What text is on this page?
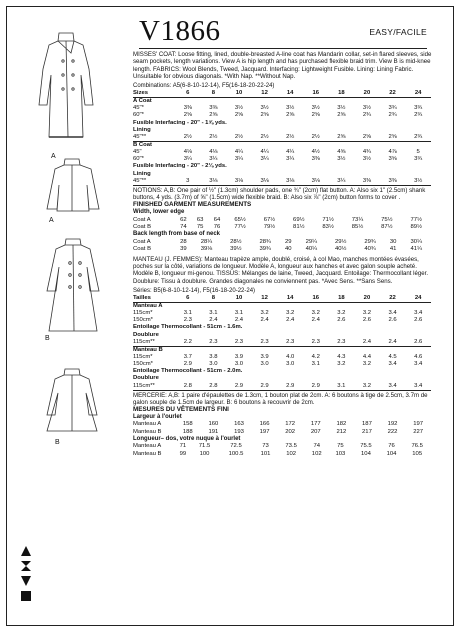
A
A
B
B
V1866	EASY/FACILE
MISSES' COAT: Loose fitting, lined, double-breasted A-line coat has Mandarin collar, set-in flared sleeves, side seam pockets, length variations. View A is hip length and has purchased flexible braid trim. View B is mid-knee length. FABRICS: Wool Blends, Tweed, Jacquard. Interfacing: Lightweight Fusible. Lining: Lining Fabric. Unsuitable for obvious diagonals. *With Nap. **Without Nap.
Combinations: A5(6-8-10-12-14), F5(16-18-20-22-24)
Sizes	6	8	10	12	14	16	18	20	22	24
A Coat										
45"*	3⅜	3⅜	3½	3½	3½	3½	3½	3½	3¾	3¾
60"*	2⅝	2⅝	2⅝	2⅝	2⅝	2⅝	2⅝	2¾	2¾	2¾
Fusible Interfacing - 20" - 1⅝ yds.										
Lining										
45"**	2½	2½	2½	2½	2½	2½	2⅝	2⅝	2⅝	2¾
B Coat										
45"	4⅛	4⅛	4¼	4¼	4¼	4½	4⅝	4¾	4⅞	5
60"*	3¼	3¼	3¼	3¼	3¼	3⅜	3½	3½	3⅝	3¾
Fusible Interfacing - 20" - 2⅛ yds.										
Lining										
45"**	3	3⅛	3⅛	3⅛	3⅛	3⅛	3¼	3⅜	3⅜	3½
NOTIONS: A,B: One pair of ½" (1.3cm) shoulder pads, one ¾" (2cm) flat button. A: Also six 1" (2.5cm) shank buttons, 4 yds. (3.7m) of ⅝" (1.5cm) wide flexible braid. B: Also six ⅞" (2cm) button forms to cover .
FINISHED GARMENT MEASUREMENTS
Width, lower edge
Coat A	62	63	64	65½	67½	69½	71½	73¼	75½	77½
Coat B	74	75	76	77½	79½	81½	83½	85½	87½	89½
Back length from base of neck
Coat A	28	28¼	28½	28¾	29	29¼	29½	29¾	30	30¼
Coat B	39	39⅛	39½	39¾	40	40¼	40½	40¾	41	41¼
MANTEAU (J. FEMMES): Manteau trapèze ample, doublé, croisé, à col Mao, manches montées évasées, poches sur la côté, variations de longueur. Modèle A, longueur aux hanches et avec galon souple acheté. Modèle B, longueur mi-genou. TISSUS: Mélanges de laine, Tweed, Jacquard. Entoilage: Thermocollant léger. Doublure: Tissu à doublure. Grandes diagonales ne conviennent pas. *Avec Sens. **Sans Sens.
Séries: B5(6-8-10-12-14), F5(16-18-20-22-24)
Tailles	6	8	10	12	14	16	18	20	22	24
Manteau A										
115cm*	3.1	3.1	3.1	3.2	3.2	3.2	3.2	3.2	3.4	3.4
150cm*	2.3	2.4	2.4	2.4	2.4	2.4	2.6	2.6	2.6	2.6
Entoilage Thermocollant - 51cm - 1.6m.										
Doublure										
115cm**	2.2	2.3	2.3	2.3	2.3	2.3	2.3	2.4	2.4	2.6
Manteau B										
115cm*	3.7	3.8	3.9	3.9	4.0	4.2	4.3	4.4	4.5	4.6
150cm*	2.9	3.0	3.0	3.0	3.0	3.1	3.2	3.2	3.4	3.4
Entoilage Thermocollant - 51cm - 2.0m.										
Doublure										
115cm**	2.8	2.8	2.9	2.9	2.9	2.9	3.1	3.2	3.4	3.4
MERCERIE: A,B: 1 paire d'épaulettes de 1.3cm, 1 bouton plat de 2cm. A: 6 boutons à tige de 2.5cm, 3.7m de galon souple de 1.5cm de largeur. B: 6 boutons à recouvrir de 2cm.
MESURES DU VÊTEMENTS FINI
Largeur à l'ourlet
Manteau A	158	160	163	166	172	177	182	187	192	197
Manteau B	188	191	193	197	202	207	212	217	222	227
Longueur– dos, votre nuque à l'ourlet
Manteau A	71	71.5	72.5	73	73.5	74	75	75.5	76	76.5
Manteau B	99	100	100.5	101	102	102	103	104	104	105
